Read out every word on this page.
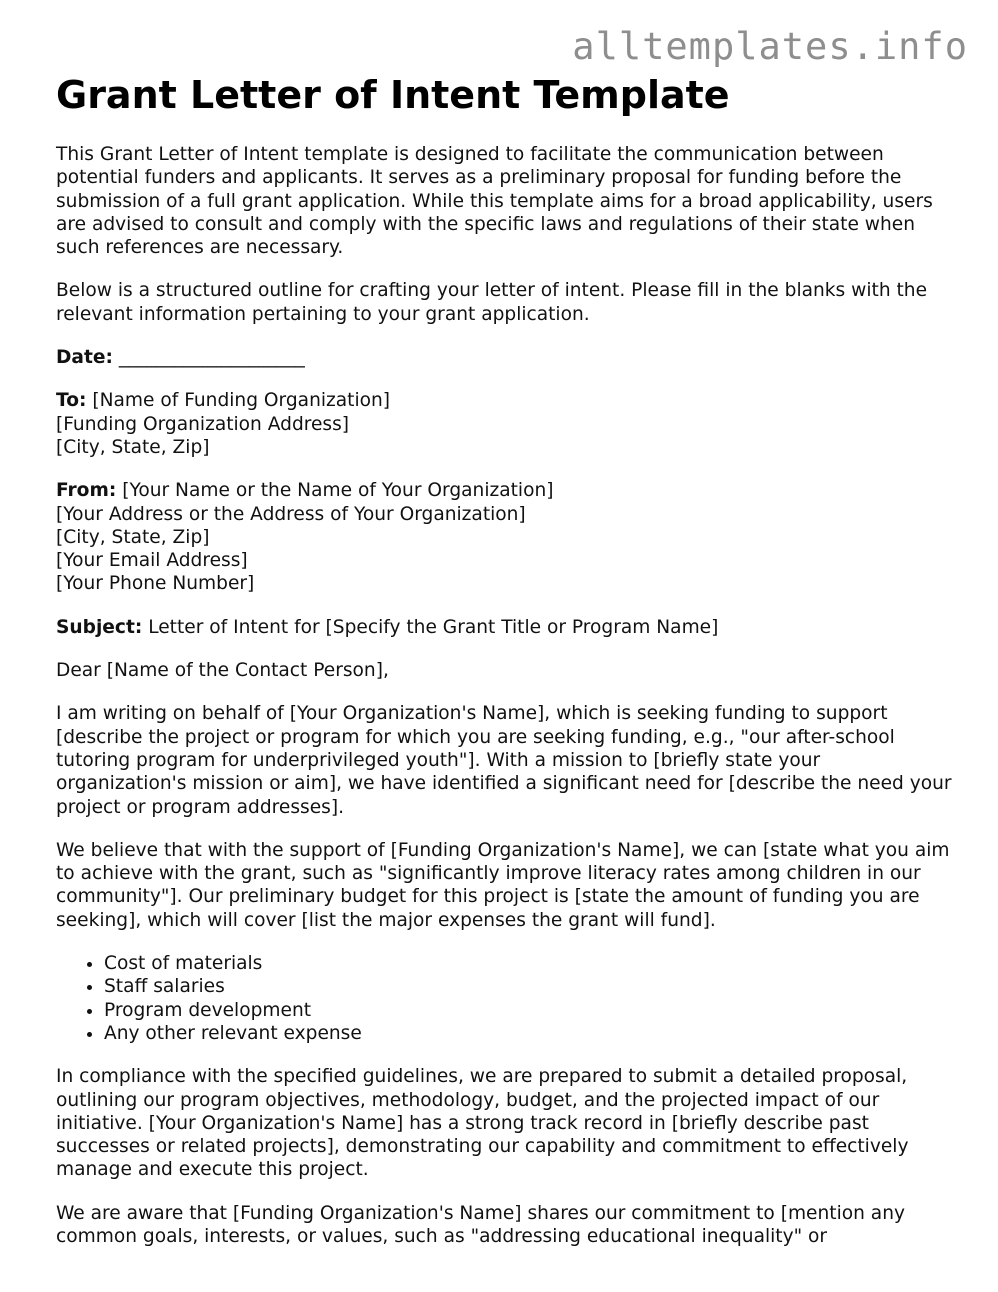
alltemplates.info
Grant Letter of Intent Template

This Grant Letter of Intent template is designed to facilitate the communication between potential funders and applicants. It serves as a preliminary proposal for funding before the submission of a full grant application. While this template aims for a broad applicability, users are advised to consult and comply with the specific laws and regulations of their state when such references are necessary.

Below is a structured outline for crafting your letter of intent. Please fill in the blanks with the relevant information pertaining to your grant application.

Date: ____________________

To: [Name of Funding Organization]
[Funding Organization Address]
[City, State, Zip]

From: [Your Name or the Name of Your Organization]
[Your Address or the Address of Your Organization]
[City, State, Zip]
[Your Email Address]
[Your Phone Number]

Subject: Letter of Intent for [Specify the Grant Title or Program Name]

Dear [Name of the Contact Person],

I am writing on behalf of [Your Organization's Name], which is seeking funding to support [describe the project or program for which you are seeking funding, e.g., "our after-school tutoring program for underprivileged youth"]. With a mission to [briefly state your organization's mission or aim], we have identified a significant need for [describe the need your project or program addresses].

We believe that with the support of [Funding Organization's Name], we can [state what you aim to achieve with the grant, such as "significantly improve literacy rates among children in our community"]. Our preliminary budget for this project is [state the amount of funding you are seeking], which will cover [list the major expenses the grant will fund].

• Cost of materials
• Staff salaries
• Program development
• Any other relevant expense

In compliance with the specified guidelines, we are prepared to submit a detailed proposal, outlining our program objectives, methodology, budget, and the projected impact of our initiative. [Your Organization's Name] has a strong track record in [briefly describe past successes or related projects], demonstrating our capability and commitment to effectively manage and execute this project.

We are aware that [Funding Organization's Name] shares our commitment to [mention any common goals, interests, or values, such as "addressing educational inequality" or
